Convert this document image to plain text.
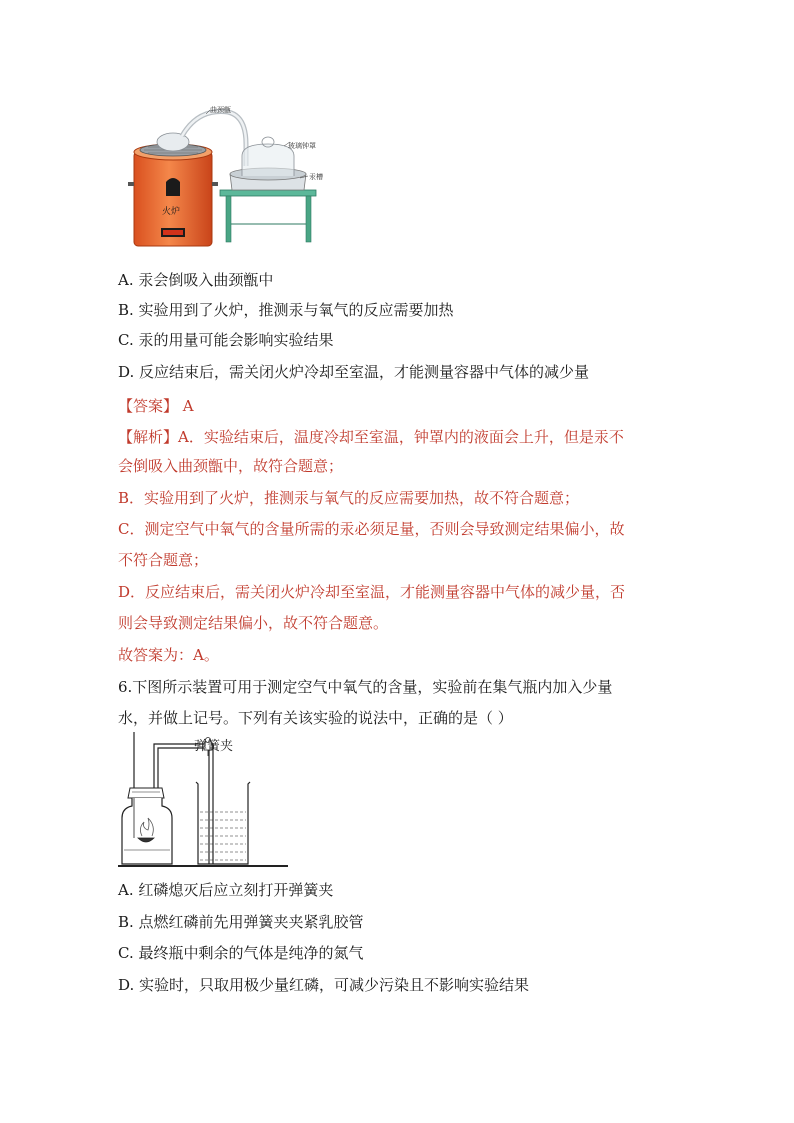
曲颈甑
玻璃钟罩
汞槽
火炉
A. 汞会倒吸入曲颈甑中
B. 实验用到了火炉，推测汞与氧气的反应需要加热
C. 汞的用量可能会影响实验结果
D. 反应结束后，需关闭火炉冷却至室温，才能测量容器中气体的减少量
【答案】 A
【解析】A．实验结束后，温度冷却至室温，钟罩内的液面会上升，但是汞不
会倒吸入曲颈甑中，故符合题意；
B．实验用到了火炉，推测汞与氧气的反应需要加热，故不符合题意；
C．测定空气中氧气的含量所需的汞必须足量，否则会导致测定结果偏小，故
不符合题意；
D．反应结束后，需关闭火炉冷却至室温，才能测量容器中气体的减少量，否
则会导致测定结果偏小，故不符合题意。
故答案为：A。
6.下图所示装置可用于测定空气中氧气的含量，实验前在集气瓶内加入少量
水，并做上记号。下列有关该实验的说法中，正确的是（ ）
弹簧夹
A. 红磷熄灭后应立刻打开弹簧夹
B. 点燃红磷前先用弹簧夹夹紧乳胶管
C. 最终瓶中剩余的气体是纯净的氮气
D. 实验时，只取用极少量红磷，可减少污染且不影响实验结果
